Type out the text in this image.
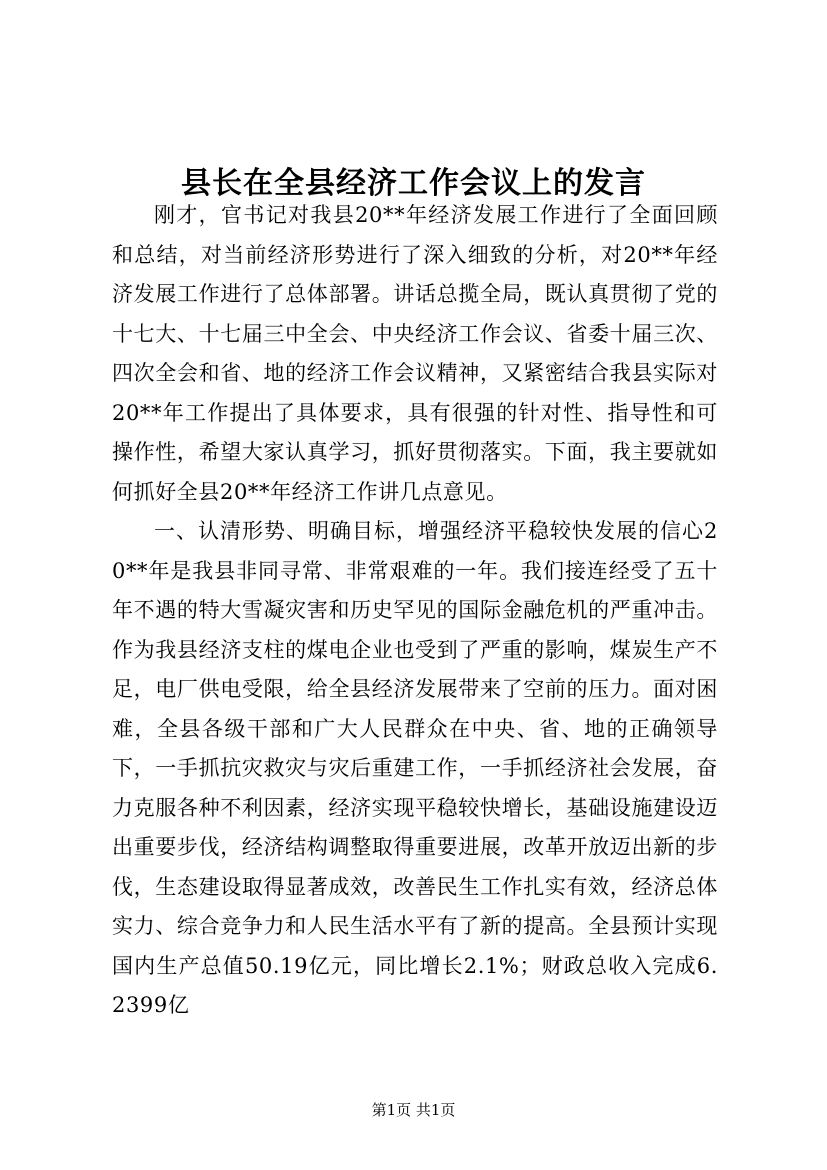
县长在全县经济工作会议上的发言

刚才，官书记对我县20**年经济发展工作进行了全面回顾和总结，对当前经济形势进行了深入细致的分析，对20**年经济发展工作进行了总体部署。讲话总揽全局，既认真贯彻了党的十七大、十七届三中全会、中央经济工作会议、省委十届三次、四次全会和省、地的经济工作会议精神，又紧密结合我县实际对20**年工作提出了具体要求，具有很强的针对性、指导性和可操作性，希望大家认真学习，抓好贯彻落实。下面，我主要就如何抓好全县20**年经济工作讲几点意见。

一、认清形势、明确目标，增强经济平稳较快发展的信心20**年是我县非同寻常、非常艰难的一年。我们接连经受了五十年不遇的特大雪凝灾害和历史罕见的国际金融危机的严重冲击。作为我县经济支柱的煤电企业也受到了严重的影响，煤炭生产不足，电厂供电受限，给全县经济发展带来了空前的压力。面对困难，全县各级干部和广大人民群众在中央、省、地的正确领导下，一手抓抗灾救灾与灾后重建工作，一手抓经济社会发展，奋力克服各种不利因素，经济实现平稳较快增长，基础设施建设迈出重要步伐，经济结构调整取得重要进展，改革开放迈出新的步伐，生态建设取得显著成效，改善民生工作扎实有效，经济总体实力、综合竞争力和人民生活水平有了新的提高。全县预计实现国内生产总值50.19亿元，同比增长2.1%；财政总收入完成6.2399亿

第1页 共1页
